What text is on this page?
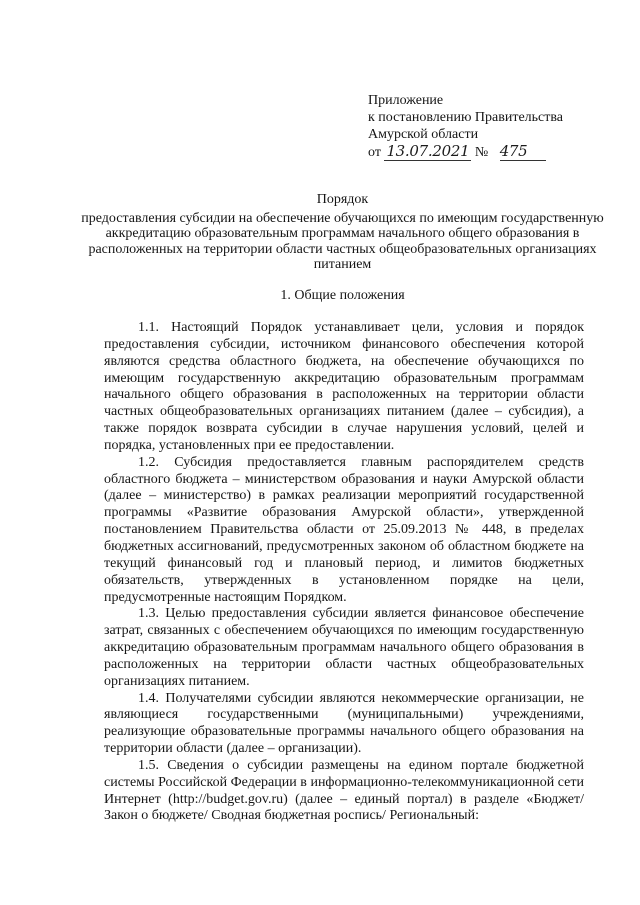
Приложение
к постановлению Правительства
Амурской области
от 13.07.2021 № 475
Порядок
предоставления субсидии на обеспечение обучающихся по имеющим государственную аккредитацию образовательным программам начального общего образования в расположенных на территории области частных общеобразовательных организациях питанием
1. Общие положения

1.1. Настоящий Порядок устанавливает цели, условия и порядок предоставления субсидии, источником финансового обеспечения которой являются средства областного бюджета, на обеспечение обучающихся по имеющим государственную аккредитацию образовательным программам начального общего образования в расположенных на территории области частных общеобразовательных организациях питанием (далее – субсидия), а также порядок возврата субсидии в случае нарушения условий, целей и порядка, установленных при ее предоставлении.

1.2. Субсидия предоставляется главным распорядителем средств областного бюджета – министерством образования и науки Амурской области (далее – министерство) в рамках реализации мероприятий государственной программы «Развитие образования Амурской области», утвержденной постановлением Правительства области от 25.09.2013 № 448, в пределах бюджетных ассигнований, предусмотренных законом об областном бюджете на текущий финансовый год и плановый период, и лимитов бюджетных обязательств, утвержденных в установленном порядке на цели, предусмотренные настоящим Порядком.

1.3. Целью предоставления субсидии является финансовое обеспечение затрат, связанных с обеспечением обучающихся по имеющим государственную аккредитацию образовательным программам начального общего образования в расположенных на территории области частных общеобразовательных организациях питанием.

1.4. Получателями субсидии являются некоммерческие организации, не являющиеся государственными (муниципальными) учреждениями, реализующие образовательные программы начального общего образования на территории области (далее – организации).

1.5. Сведения о субсидии размещены на едином портале бюджетной системы Российской Федерации в информационно-телекоммуникационной сети Интернет (http://budget.gov.ru) (далее – единый портал) в разделе «Бюджет/ Закон о бюджете/ Сводная бюджетная роспись/ Региональный:
